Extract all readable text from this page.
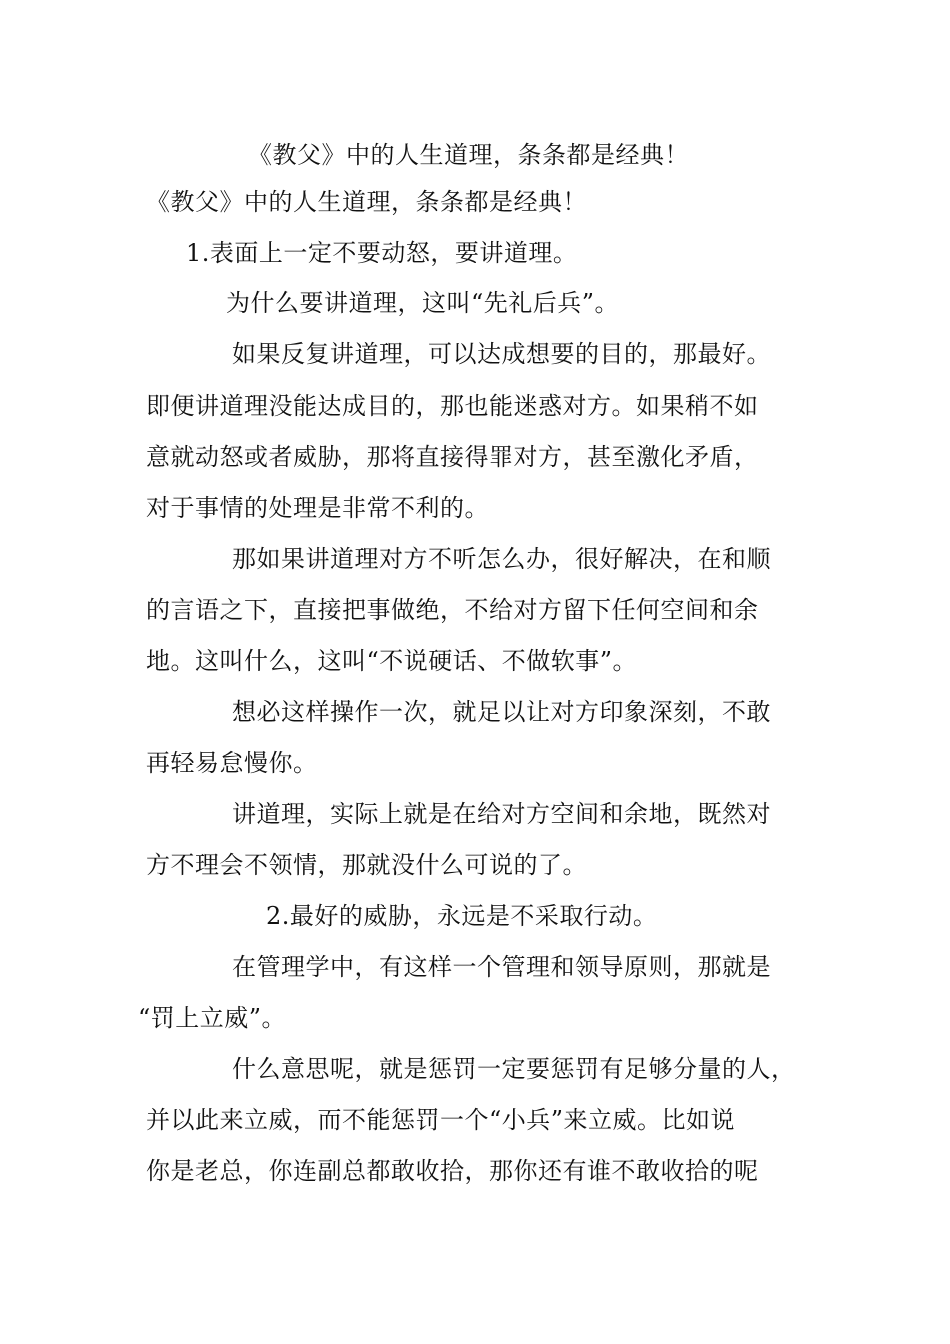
《教父》中的人生道理，条条都是经典！
《教父》中的人生道理，条条都是经典！
1.表面上一定不要动怒，要讲道理。
为什么要讲道理，这叫“先礼后兵”。
如果反复讲道理，可以达成想要的目的，那最好。
即便讲道理没能达成目的，那也能迷惑对方。如果稍不如
意就动怒或者威胁，那将直接得罪对方，甚至激化矛盾，
对于事情的处理是非常不利的。
那如果讲道理对方不听怎么办，很好解决，在和顺
的言语之下，直接把事做绝，不给对方留下任何空间和余
地。这叫什么，这叫“不说硬话、不做软事”。
想必这样操作一次，就足以让对方印象深刻，不敢
再轻易怠慢你。
讲道理，实际上就是在给对方空间和余地，既然对
方不理会不领情，那就没什么可说的了。
2.最好的威胁，永远是不采取行动。
在管理学中，有这样一个管理和领导原则，那就是
“罚上立威”。
什么意思呢，就是惩罚一定要惩罚有足够分量的人，
并以此来立威，而不能惩罚一个“小兵”来立威。比如说
你是老总，你连副总都敢收拾，那你还有谁不敢收拾的呢
